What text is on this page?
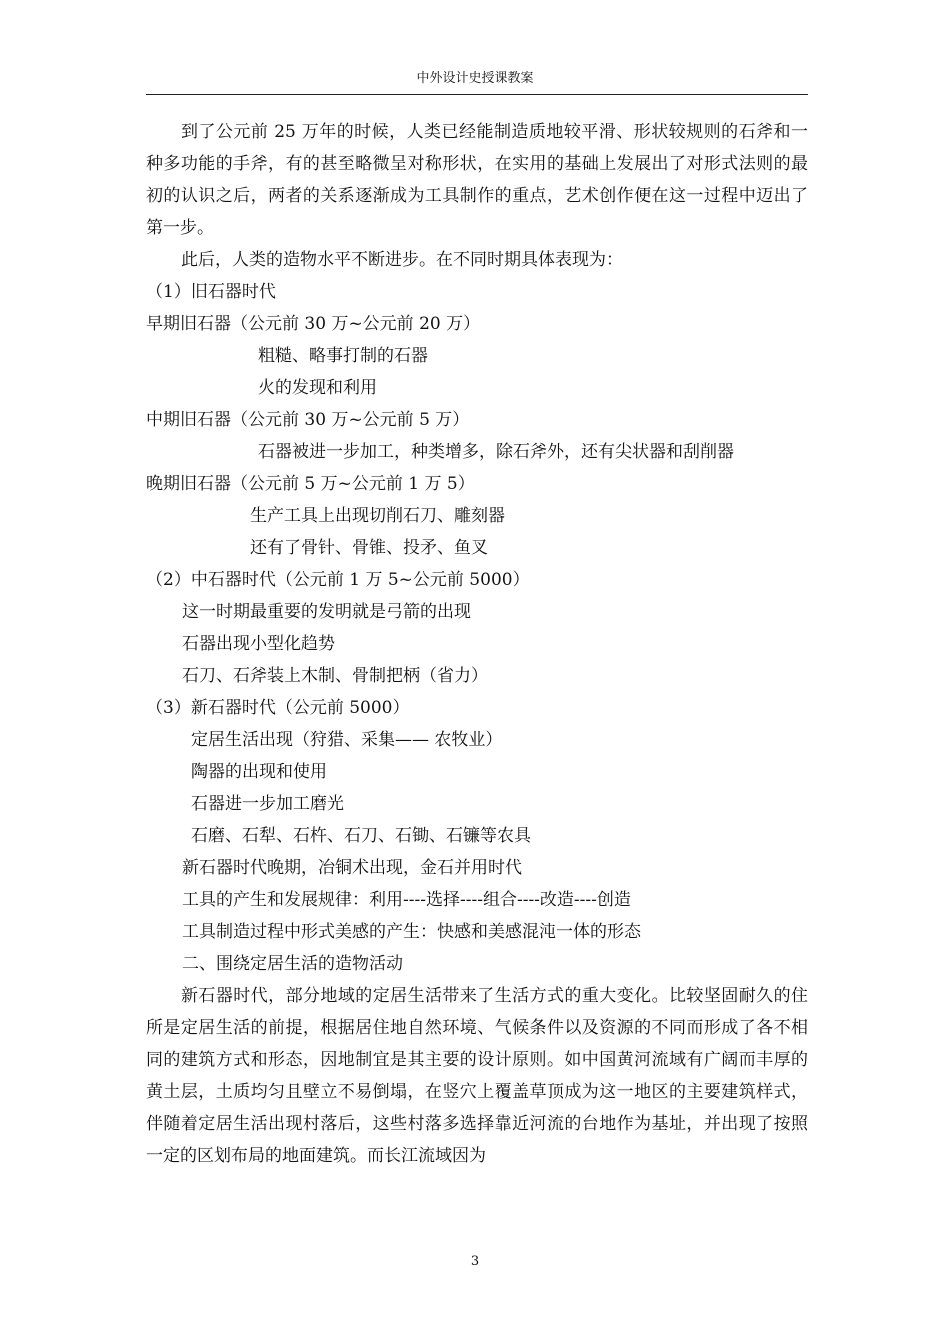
中外设计史授课教案
到了公元前 25 万年的时候，人类已经能制造质地较平滑、形状较规则的石斧和一种多功能的手斧，有的甚至略微呈对称形状，在实用的基础上发展出了对形式法则的最初的认识之后，两者的关系逐渐成为工具制作的重点，艺术创作便在这一过程中迈出了第一步。
此后，人类的造物水平不断进步。在不同时期具体表现为：
（1）旧石器时代
早期旧石器（公元前 30 万~公元前 20 万）
粗糙、略事打制的石器
火的发现和利用
中期旧石器（公元前 30 万~公元前 5 万）
石器被进一步加工，种类增多，除石斧外，还有尖状器和刮削器
晚期旧石器（公元前 5 万~公元前 1 万 5）
生产工具上出现切削石刀、雕刻器
还有了骨针、骨锥、投矛、鱼叉
（2）中石器时代（公元前 1 万 5~公元前 5000）
这一时期最重要的发明就是弓箭的出现
石器出现小型化趋势
石刀、石斧装上木制、骨制把柄（省力）
（3）新石器时代（公元前 5000）
定居生活出现（狩猎、采集—— 农牧业）
陶器的出现和使用
石器进一步加工磨光
石磨、石犁、石杵、石刀、石锄、石镰等农具
新石器时代晚期，冶铜术出现，金石并用时代
工具的产生和发展规律：利用----选择----组合----改造----创造
工具制造过程中形式美感的产生：快感和美感混沌一体的形态
二、围绕定居生活的造物活动
新石器时代，部分地域的定居生活带来了生活方式的重大变化。比较坚固耐久的住所是定居生活的前提，根据居住地自然环境、气候条件以及资源的不同而形成了各不相同的建筑方式和形态，因地制宜是其主要的设计原则。如中国黄河流域有广阔而丰厚的黄土层，土质均匀且壁立不易倒塌，在竖穴上覆盖草顶成为这一地区的主要建筑样式，伴随着定居生活出现村落后，这些村落多选择靠近河流的台地作为基址，并出现了按照一定的区划布局的地面建筑。而长江流域因为
3
